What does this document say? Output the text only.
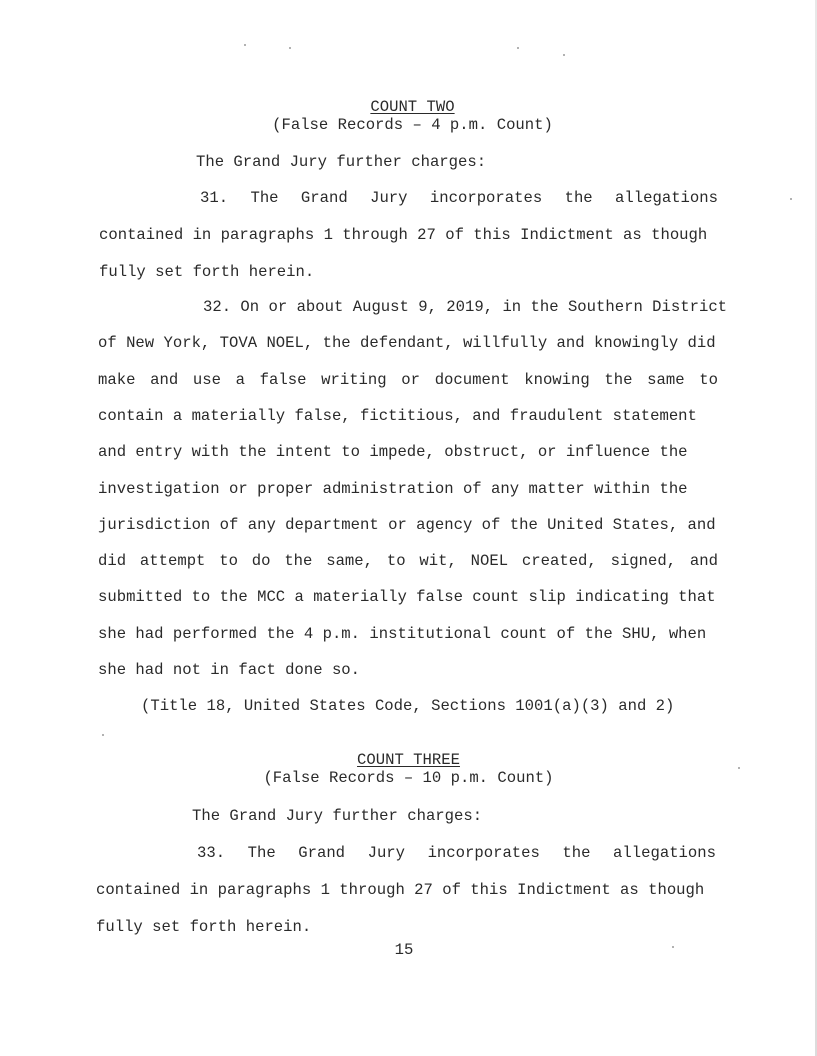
COUNT TWO
(False Records – 4 p.m. Count)
The Grand Jury further charges:
31. The Grand Jury incorporates the allegations
contained in paragraphs 1 through 27 of this Indictment as though
fully set forth herein.
32. On or about August 9, 2019, in the Southern District
of New York, TOVA NOEL, the defendant, willfully and knowingly did
make and use a false writing or document knowing the same to
contain a materially false, fictitious, and fraudulent statement
and entry with the intent to impede, obstruct, or influence the
investigation or proper administration of any matter within the
jurisdiction of any department or agency of the United States, and
did attempt to do the same, to wit, NOEL created, signed, and
submitted to the MCC a materially false count slip indicating that
she had performed the 4 p.m. institutional count of the SHU, when
she had not in fact done so.
(Title 18, United States Code, Sections 1001(a)(3) and 2)
COUNT THREE
(False Records – 10 p.m. Count)
The Grand Jury further charges:
33. The Grand Jury incorporates the allegations
contained in paragraphs 1 through 27 of this Indictment as though
fully set forth herein.
15
